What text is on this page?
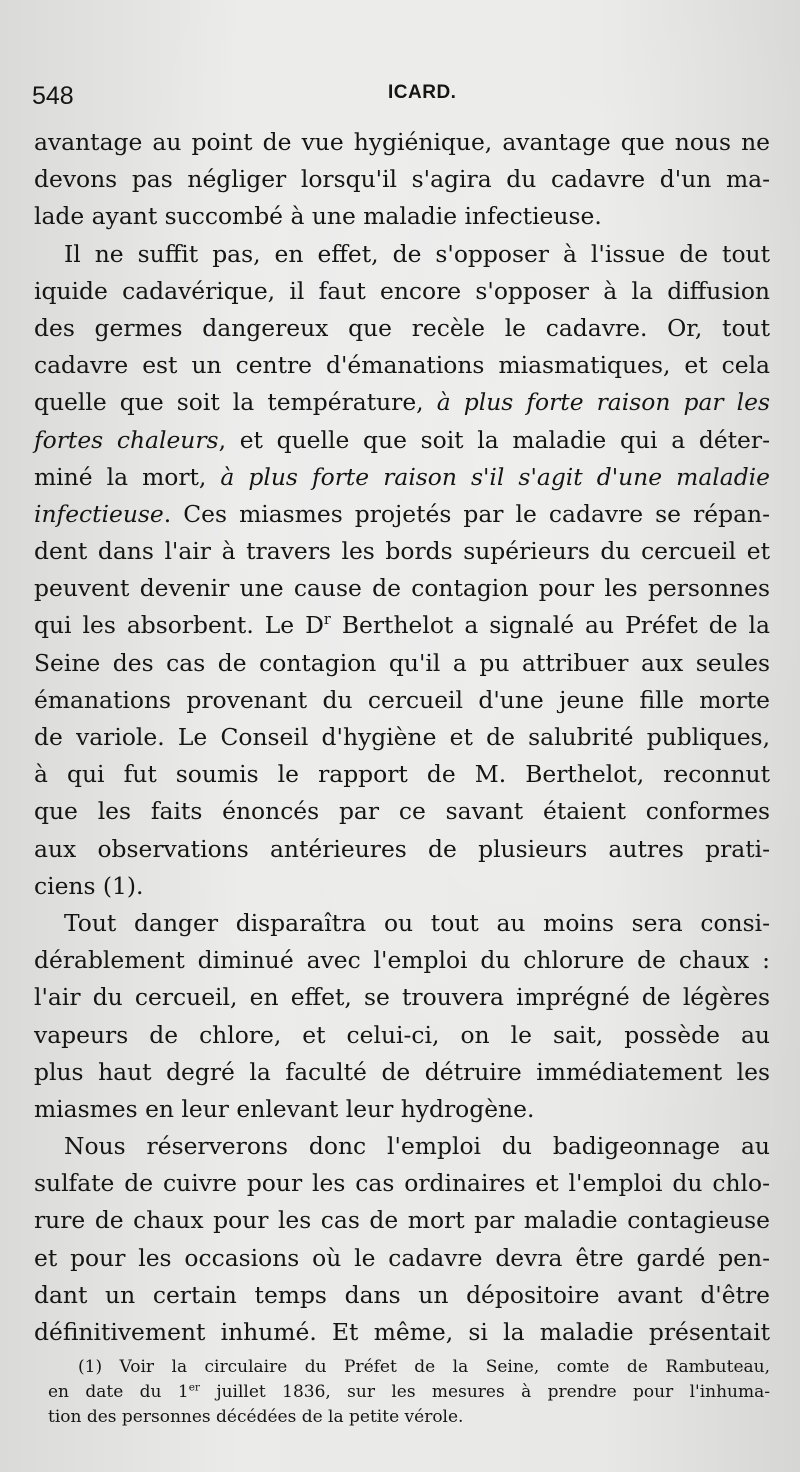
548	ICARD.
avantage au point de vue hygiénique, avantage que nous ne
devons pas négliger lorsqu'il s'agira du cadavre d'un ma-
lade ayant succombé à une maladie infectieuse.
Il ne suffit pas, en effet, de s'opposer à l'issue de tout
iquide cadavérique, il faut encore s'opposer à la diffusion
des germes dangereux que recèle le cadavre. Or, tout
cadavre est un centre d'émanations miasmatiques, et cela
quelle que soit la température, à plus forte raison par les
fortes chaleurs, et quelle que soit la maladie qui a déter-
miné la mort, à plus forte raison s'il s'agit d'une maladie
infectieuse. Ces miasmes projetés par le cadavre se répan-
dent dans l'air à travers les bords supérieurs du cercueil et
peuvent devenir une cause de contagion pour les personnes
qui les absorbent. Le $D^r$ Berthelot a signalé au Préfet de la
Seine des cas de contagion qu'il a pu attribuer aux seules
émanations provenant du cercueil d'une jeune fille morte
de variole. Le Conseil d'hygiène et de salubrité publiques,
à qui fut soumis le rapport de M. Berthelot, reconnut
que les faits énoncés par ce savant étaient conformes
aux observations antérieures de plusieurs autres prati-
ciens (1).
Tout danger disparaîtra ou tout au moins sera consi-
dérablement diminué avec l'emploi du chlorure de chaux :
l'air du cercueil, en effet, se trouvera imprégné de légères
vapeurs de chlore, et celui-ci, on le sait, possède au
plus haut degré la faculté de détruire immédiatement les
miasmes en leur enlevant leur hydrogène.
Nous réserverons donc l'emploi du badigeonnage au
sulfate de cuivre pour les cas ordinaires et l'emploi du chlo-
rure de chaux pour les cas de mort par maladie contagieuse
et pour les occasions où le cadavre devra être gardé pen-
dant un certain temps dans un dépositoire avant d'être
définitivement inhumé. Et même, si la maladie présentait
(1) Voir la circulaire du Préfet de la Seine, comte de Rambuteau,
en date du 1er juillet 1836, sur les mesures à prendre pour l'inhuma-
tion des personnes décédées de la petite vérole.
